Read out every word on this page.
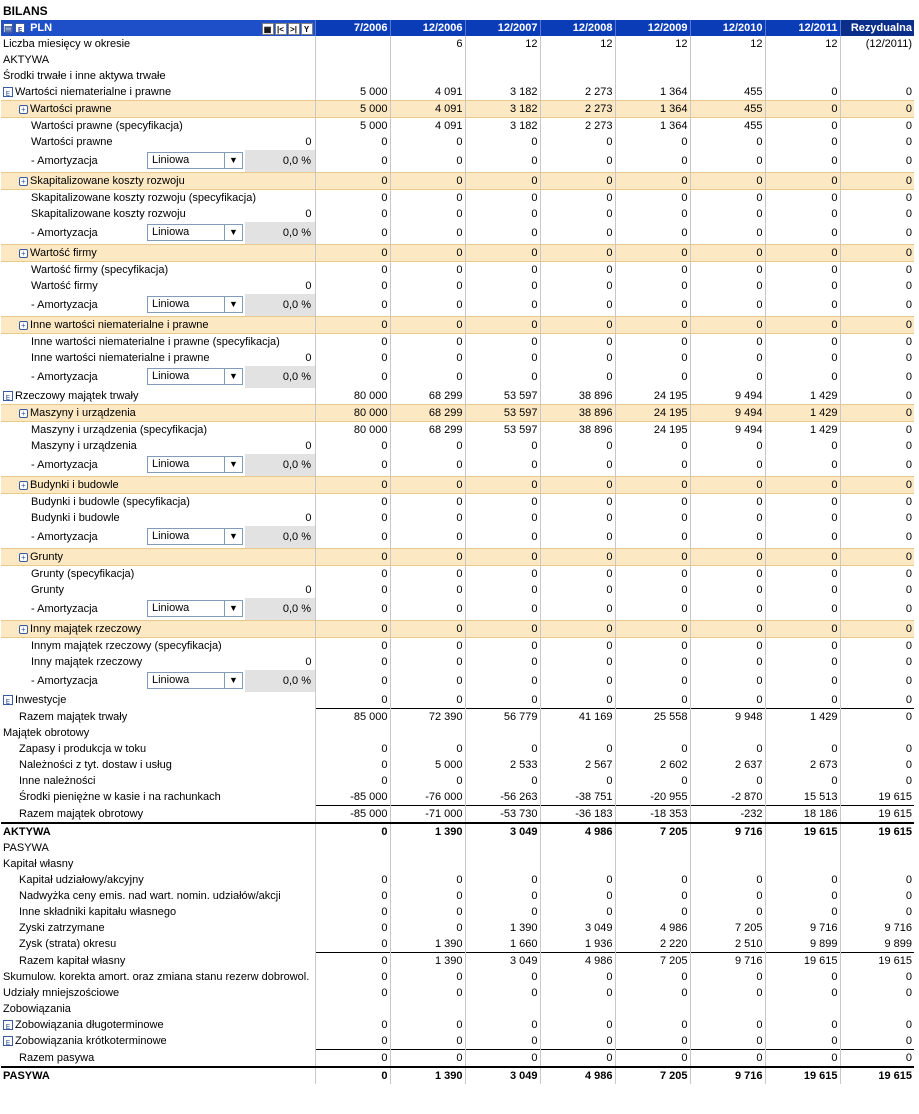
BILANS
▤ ᴇ PLN ▦ |< >| Y	7/2006	12/2006	12/2007	12/2008	12/2009	12/2010	12/2011	Rezydualna
Liczba miesięcy w okresie		6	12	12	12	12	12	(12/2011)
AKTYWA								
Środki trwałe i inne aktywa trwałe								
ᴇ Wartości niematerialne i prawne	5 000	4 091	3 182	2 273	1 364	455	0	0
+ Wartości prawne	5 000	4 091	3 182	2 273	1 364	455	0	0
Wartości prawne (specyfikacja)	5 000	4 091	3 182	2 273	1 364	455	0	0
Wartości prawne 0	0	0	0	0	0	0	0	0
- Amortyzacja Liniowa ▼ 0,0 %	0	0	0	0	0	0	0	0
+ Skapitalizowane koszty rozwoju	0	0	0	0	0	0	0	0
Skapitalizowane koszty rozwoju (specyfikacja)	0	0	0	0	0	0	0	0
Skapitalizowane koszty rozwoju 0	0	0	0	0	0	0	0	0
- Amortyzacja Liniowa ▼ 0,0 %	0	0	0	0	0	0	0	0
+ Wartość firmy	0	0	0	0	0	0	0	0
Wartość firmy (specyfikacja)	0	0	0	0	0	0	0	0
Wartość firmy 0	0	0	0	0	0	0	0	0
- Amortyzacja Liniowa ▼ 0,0 %	0	0	0	0	0	0	0	0
+ Inne wartości niematerialne i prawne	0	0	0	0	0	0	0	0
Inne wartości niematerialne i prawne (specyfikacja)	0	0	0	0	0	0	0	0
Inne wartości niematerialne i prawne 0	0	0	0	0	0	0	0	0
- Amortyzacja Liniowa ▼ 0,0 %	0	0	0	0	0	0	0	0
ᴇ Rzeczowy majątek trwały	80 000	68 299	53 597	38 896	24 195	9 494	1 429	0
+ Maszyny i urządzenia	80 000	68 299	53 597	38 896	24 195	9 494	1 429	0
Maszyny i urządzenia (specyfikacja)	80 000	68 299	53 597	38 896	24 195	9 494	1 429	0
Maszyny i urządzenia 0	0	0	0	0	0	0	0	0
- Amortyzacja Liniowa ▼ 0,0 %	0	0	0	0	0	0	0	0
+ Budynki i budowle	0	0	0	0	0	0	0	0
Budynki i budowle (specyfikacja)	0	0	0	0	0	0	0	0
Budynki i budowle 0	0	0	0	0	0	0	0	0
- Amortyzacja Liniowa ▼ 0,0 %	0	0	0	0	0	0	0	0
+ Grunty	0	0	0	0	0	0	0	0
Grunty (specyfikacja)	0	0	0	0	0	0	0	0
Grunty 0	0	0	0	0	0	0	0	0
- Amortyzacja Liniowa ▼ 0,0 %	0	0	0	0	0	0	0	0
+ Inny majątek rzeczowy	0	0	0	0	0	0	0	0
Innym majątek rzeczowy (specyfikacja)	0	0	0	0	0	0	0	0
Inny majątek rzeczowy 0	0	0	0	0	0	0	0	0
- Amortyzacja Liniowa ▼ 0,0 %	0	0	0	0	0	0	0	0
ᴇ Inwestycje	0	0	0	0	0	0	0	0
Razem majątek trwały	85 000	72 390	56 779	41 169	25 558	9 948	1 429	0
Majątek obrotowy								
Zapasy i produkcja w toku	0	0	0	0	0	0	0	0
Należności z tyt. dostaw i usług	0	5 000	2 533	2 567	2 602	2 637	2 673	0
Inne należności	0	0	0	0	0	0	0	0
Środki pieniężne w kasie i na rachunkach	-85 000	-76 000	-56 263	-38 751	-20 955	-2 870	15 513	19 615
Razem majątek obrotowy	-85 000	-71 000	-53 730	-36 183	-18 353	-232	18 186	19 615
AKTYWA	0	1 390	3 049	4 986	7 205	9 716	19 615	19 615
PASYWA								
Kapitał własny								
Kapitał udziałowy/akcyjny	0	0	0	0	0	0	0	0
Nadwyżka ceny emis. nad wart. nomin. udziałów/akcji	0	0	0	0	0	0	0	0
Inne składniki kapitału własnego	0	0	0	0	0	0	0	0
Zyski zatrzymane	0	0	1 390	3 049	4 986	7 205	9 716	9 716
Zysk (strata) okresu	0	1 390	1 660	1 936	2 220	2 510	9 899	9 899
Razem kapitał własny	0	1 390	3 049	4 986	7 205	9 716	19 615	19 615
Skumulow. korekta amort. oraz zmiana stanu rezerw dobrowol.	0	0	0	0	0	0	0	0
Udziały mniejszościowe	0	0	0	0	0	0	0	0
Zobowiązania								
ᴇ Zobowiązania długoterminowe	0	0	0	0	0	0	0	0
ᴇ Zobowiązania krótkoterminowe	0	0	0	0	0	0	0	0
Razem pasywa	0	0	0	0	0	0	0	0
PASYWA	0	1 390	3 049	4 986	7 205	9 716	19 615	19 615
